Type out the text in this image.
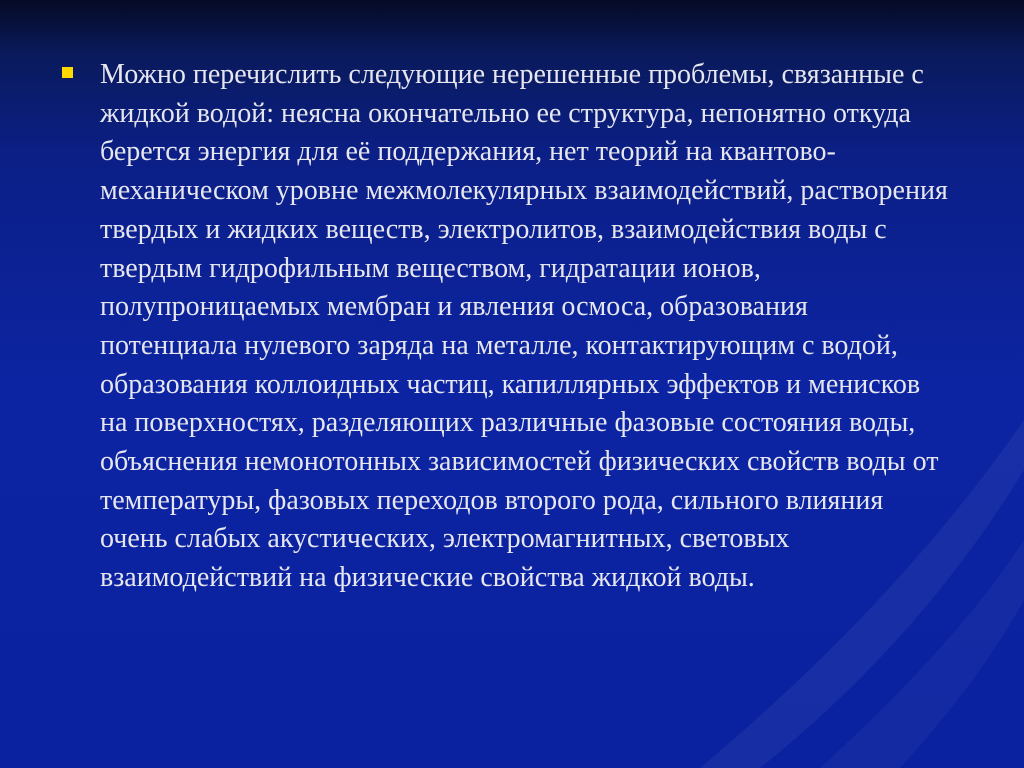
Можно перечислить следующие нерешенные проблемы, связанные с жидкой водой: неясна окончательно ее структура, непонятно откуда берется энергия для её поддержания, нет теорий на квантово-механическом уровне межмолекулярных взаимодействий, растворения твердых и жидких веществ, электролитов, взаимодействия воды с твердым гидрофильным веществом, гидратации ионов, полупроницаемых мембран и явления осмоса, образования потенциала нулевого заряда на металле, контактирующим с водой, образования коллоидных частиц, капиллярных эффектов и менисков на поверхностях, разделяющих различные фазовые состояния воды, объяснения немонотонных зависимостей физических свойств воды от температуры, фазовых переходов второго рода, сильного влияния очень слабых акустических, электромагнитных, световых взаимодействий на физические свойства жидкой воды.
